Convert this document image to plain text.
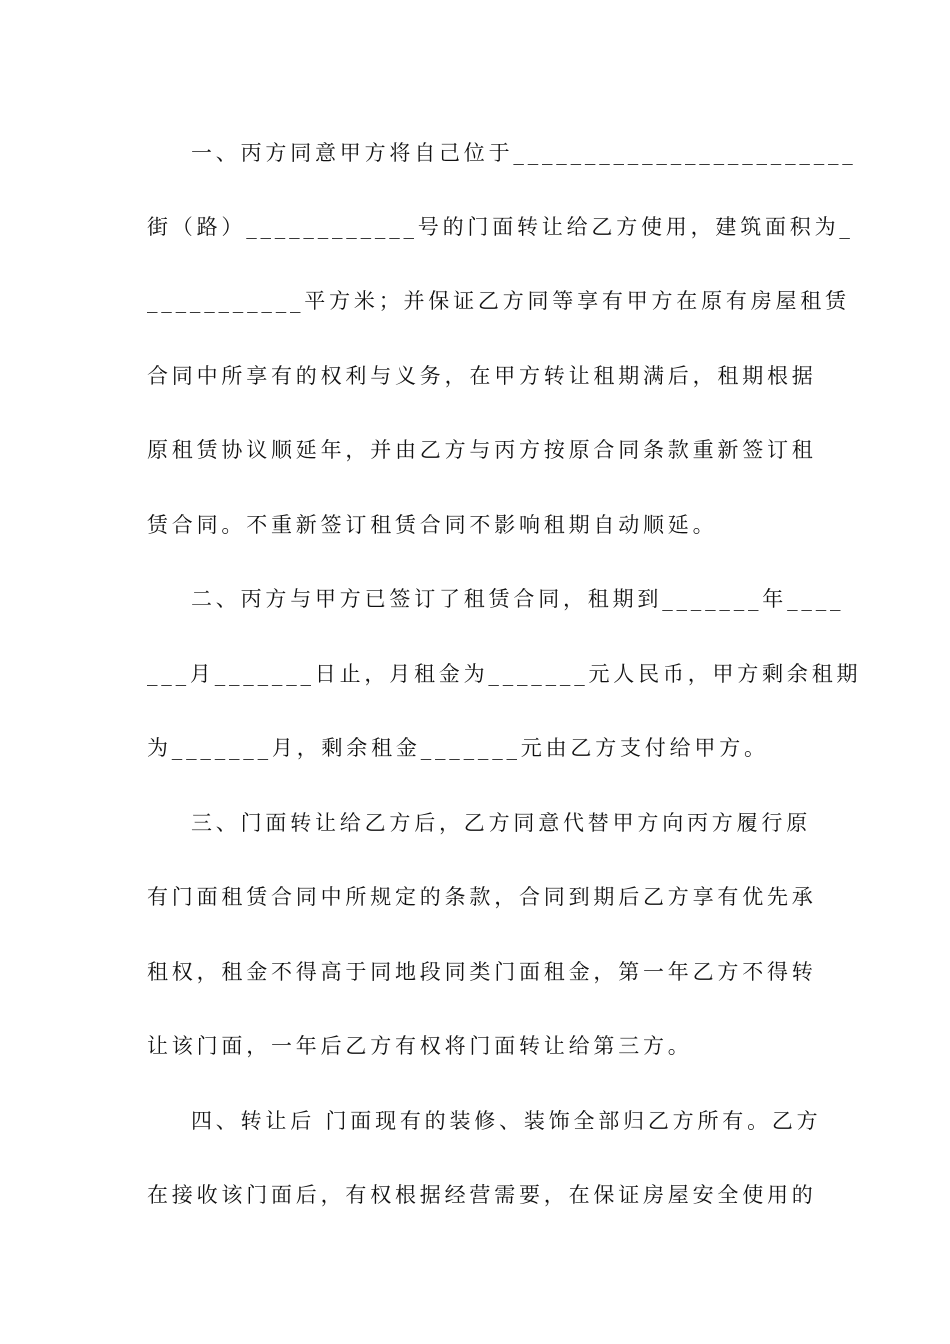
一、丙方同意甲方将自己位于________________________
街（路）____________号的门面转让给乙方使用，建筑面积为_
___________平方米；并保证乙方同等享有甲方在原有房屋租赁
合同中所享有的权利与义务，在甲方转让租期满后，租期根据
原租赁协议顺延年，并由乙方与丙方按原合同条款重新签订租
赁合同。不重新签订租赁合同不影响租期自动顺延。
二、丙方与甲方已签订了租赁合同，租期到_______年____
___月_______日止，月租金为_______元人民币，甲方剩余租期
为_______月，剩余租金_______元由乙方支付给甲方。
三、门面转让给乙方后，乙方同意代替甲方向丙方履行原
有门面租赁合同中所规定的条款，合同到期后乙方享有优先承
租权，租金不得高于同地段同类门面租金，第一年乙方不得转
让该门面，一年后乙方有权将门面转让给第三方。
四、转让后 门面现有的装修、装饰全部归乙方所有。乙方
在接收该门面后，有权根据经营需要，在保证房屋安全使用的
